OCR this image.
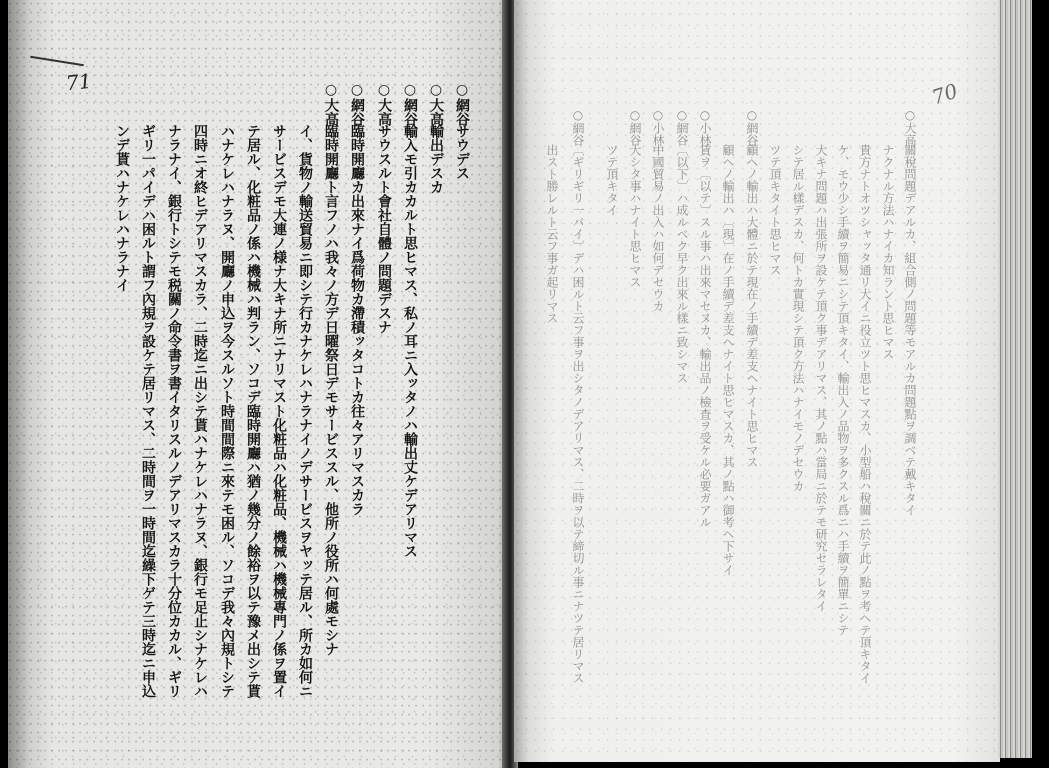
71	○網谷
サウデス
○大高
輸出デスカ
○網谷
輸入モ引カカルト思ヒマス、私ノ耳ニ入ッタノハ輸出丈ケデアリマス
○大高
サウスルト會社自體ノ問題デスナ
○網谷
臨時開廳カ出來ナイ爲荷物カ滯積ッタコトカ往々アリマスカラ
○大高
臨時開廳ト言フノハ我々ノ方デ日曜祭日デモサービススル、他所ノ役所ハ何處モシナ
イ、貨物ノ輸送貿易ニ即シテ行カナケレハナラナイノデサービスヲヤッテ居ル、所カ如何ニ
サービスデモ大連ノ様ナ大キナ所ニナリマスト化粧品ハ化粧品、機械ハ機械專門ノ係ヲ置イ
テ居ル、化粧品ノ係ハ機械ハ判ラン、ソコデ臨時開廳ハ猶ノ幾分ノ餘裕ヲ以テ豫メ出シテ貰
ハナケレハナラヌ、開廳ノ申込ヲ今スルソト時間間際ニ來テモ困ル、ソコデ我々內規トシテ
四時ニオ終ヒデアリマスカラ、二時迄ニ出シテ貰ハナケレハナラヌ、銀行モ足止シナケレハ
ナラナイ、銀行トシテモ税關ノ命令書ヲ書イタリスルノデアリマスカラ十分位カカル、ギリ
ギリ一パイデハ困ルト謂フ內規ヲ設ケテ居リマス、二時間ヲ一時間迄繰下ゲテ三時迄ニ申込
ンデ貰ハナケレハナラナイ
70
○大高
關稅問題デアルカ、組合側ノ問題等モアルカ問題點ヲ調ベテ戴キタイ
ナクナル方法ハナイカ知ラント思ヒマス
貴方ナトオツシャッタ通リ大イニ役立ツト思ヒマスカ、小型船ハ稅關ニ於テ此ノ點ヲ考ヘテ頂キタイ
ケ、モウ少シ手續ヲ簡易ニシテ頂キタイ、輸出入ノ品物ヲ多クスル爲ニハ手續ヲ簡單ニシテ
大キナ問題ハ出張所ヲ設ケテ頂ク事デアリマス、其ノ點ハ當局ニ於テモ研究セラレタイ
シテ居ル樣デスカ、何トカ實現シテ頂ク方法ハナイモノデセウカ
ツテ頂キタイト思ヒマス
○網谷
顧ヘノ輸出ハ大體ニ於テ現在ノ手續デ差支ヘナイト思ヒマス
顧ヘノ輸出ハ〔現〕在ノ手續デ差支ヘナイト思ヒマスカ、其ノ點ハ御考ヘ下サイ
○小林
賃ヲ〔以テ〕スル事ハ出來マセヌカ、輸出品ノ檢査ヲ受ケル必要ガアル
○網谷
〔以下〕ハ成ルベク早ク出來ル樣ニ致シマス
○小林
中國貿易ノ出入ハ如何デセウカ
○網谷
大シタ事ハナイト思ヒマス
ツテ頂キタイ
○網谷
〔ギリギリ一パイ〕デハ困ルト云フ事ヲ出シタノデアリマス、二時ヲ以テ締切ル事ニナツテ居リマス
出スト勝レルト云フ事ガ起リマス
